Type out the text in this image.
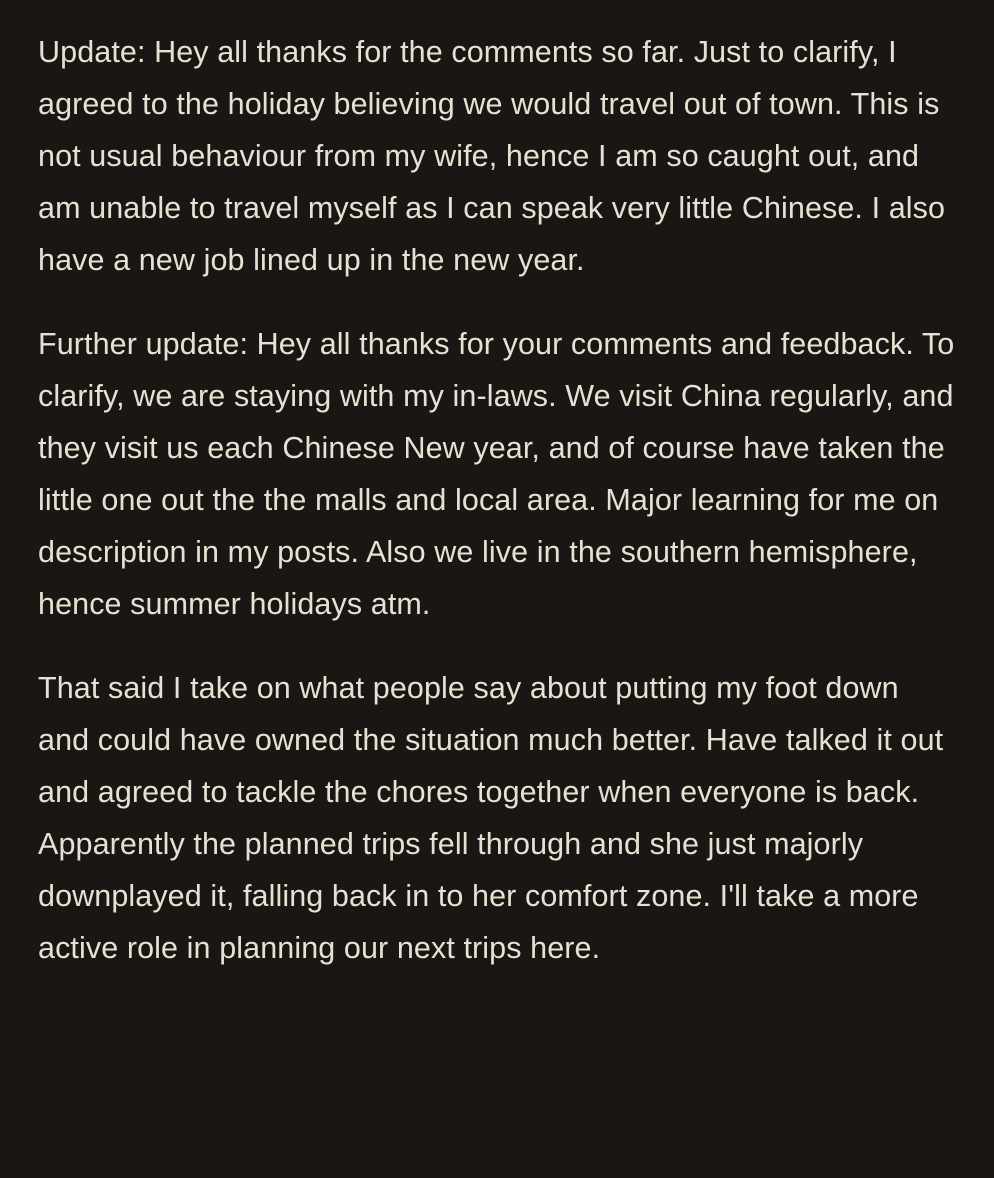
Update: Hey all thanks for the comments so far. Just to clarify, I agreed to the holiday believing we would travel out of town. This is not usual behaviour from my wife, hence I am so caught out, and am unable to travel myself as I can speak very little Chinese. I also have a new job lined up in the new year.

Further update: Hey all thanks for your comments and feedback. To clarify, we are staying with my in-laws. We visit China regularly, and they visit us each Chinese New year, and of course have taken the little one out the the malls and local area. Major learning for me on description in my posts. Also we live in the southern hemisphere, hence summer holidays atm.

That said I take on what people say about putting my foot down and could have owned the situation much better. Have talked it out and agreed to tackle the chores together when everyone is back. Apparently the planned trips fell through and she just majorly downplayed it, falling back in to her comfort zone. I'll take a more active role in planning our next trips here.
